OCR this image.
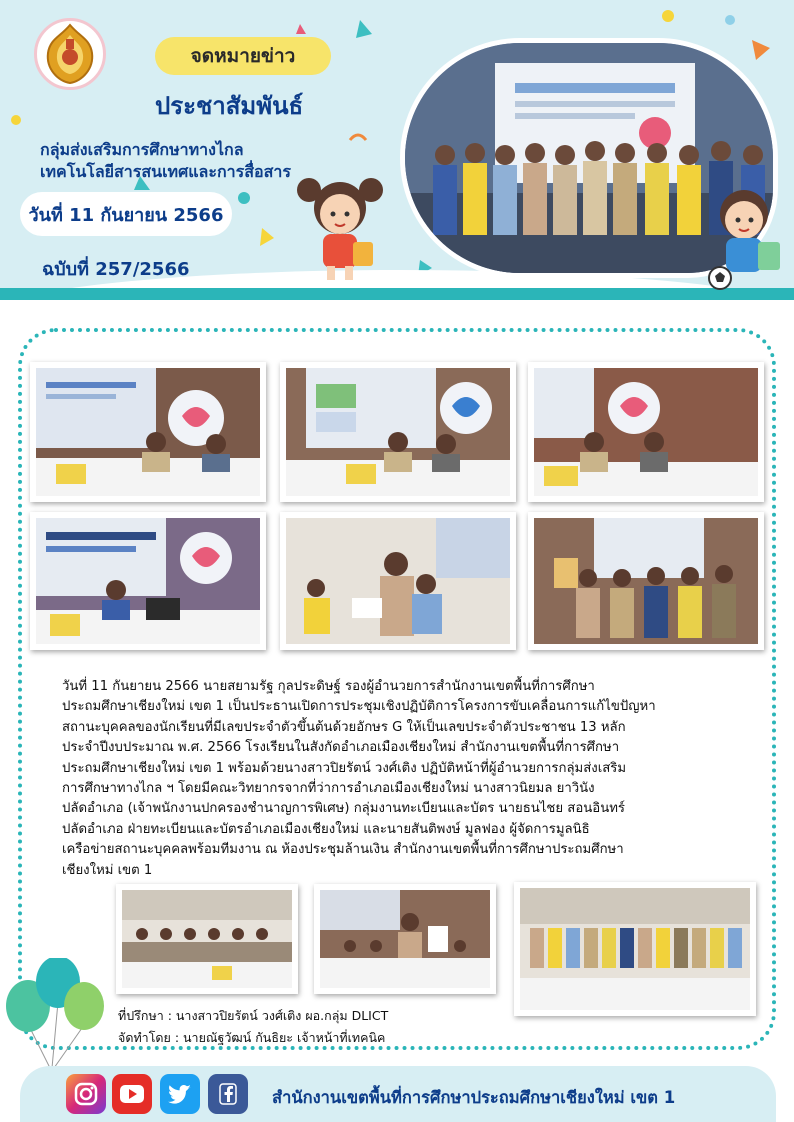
จดหมายข่าว
ประชาสัมพันธ์
กลุ่มส่งเสริมการศึกษาทางไกล
เทคโนโลยีสารสนเทศและการสื่อสาร
วันที่ 11 กันยายน 2566
ฉบับที่ 257/2566
วันที่ 11 กันยายน 2566 นายสยามรัฐ กุลประดิษฐ์ รองผู้อำนวยการสำนักงานเขตพื้นที่การศึกษา
ประถมศึกษาเชียงใหม่ เขต 1 เป็นประธานเปิดการประชุมเชิงปฏิบัติการโครงการขับเคลื่อนการแก้ไขปัญหา
สถานะบุคคลของนักเรียนที่มีเลขประจำตัวขึ้นต้นด้วยอักษร G ให้เป็นเลขประจำตัวประชาชน 13 หลัก
ประจำปีงบประมาณ พ.ศ. 2566 โรงเรียนในสังกัดอำเภอเมืองเชียงใหม่ สำนักงานเขตพื้นที่การศึกษา
ประถมศึกษาเชียงใหม่ เขต 1 พร้อมด้วยนางสาวปิยรัตน์ วงศ์เติง ปฏิบัติหน้าที่ผู้อำนวยการกลุ่มส่งเสริม
การศึกษาทางไกล ฯ โดยมีคณะวิทยากรจากที่ว่าการอำเภอเมืองเชียงใหม่ นางสาวนิยมล ยาวินัง
ปลัดอำเภอ (เจ้าพนักงานปกครองชำนาญการพิเศษ) กลุ่มงานทะเบียนและบัตร นายธนไชย สอนอินทร์
ปลัดอำเภอ ฝ่ายทะเบียนและบัตรอำเภอเมืองเชียงใหม่ และนายสันติพงษ์ มูลฟอง ผู้จัดการมูลนิธิ
เครือข่ายสถานะบุคคลพร้อมทีมงาน ณ ห้องประชุมล้านเงิน สำนักงานเขตพื้นที่การศึกษาประถมศึกษา
เชียงใหม่ เขต 1
ที่ปรึกษา : นางสาวปิยรัตน์ วงศ์เติง ผอ.กลุ่ม DLICT
จัดทำโดย : นายณัฐวัฒน์ กันธิยะ เจ้าหน้าที่เทคนิค
สำนักงานเขตพื้นที่การศึกษาประถมศึกษาเชียงใหม่ เขต 1
